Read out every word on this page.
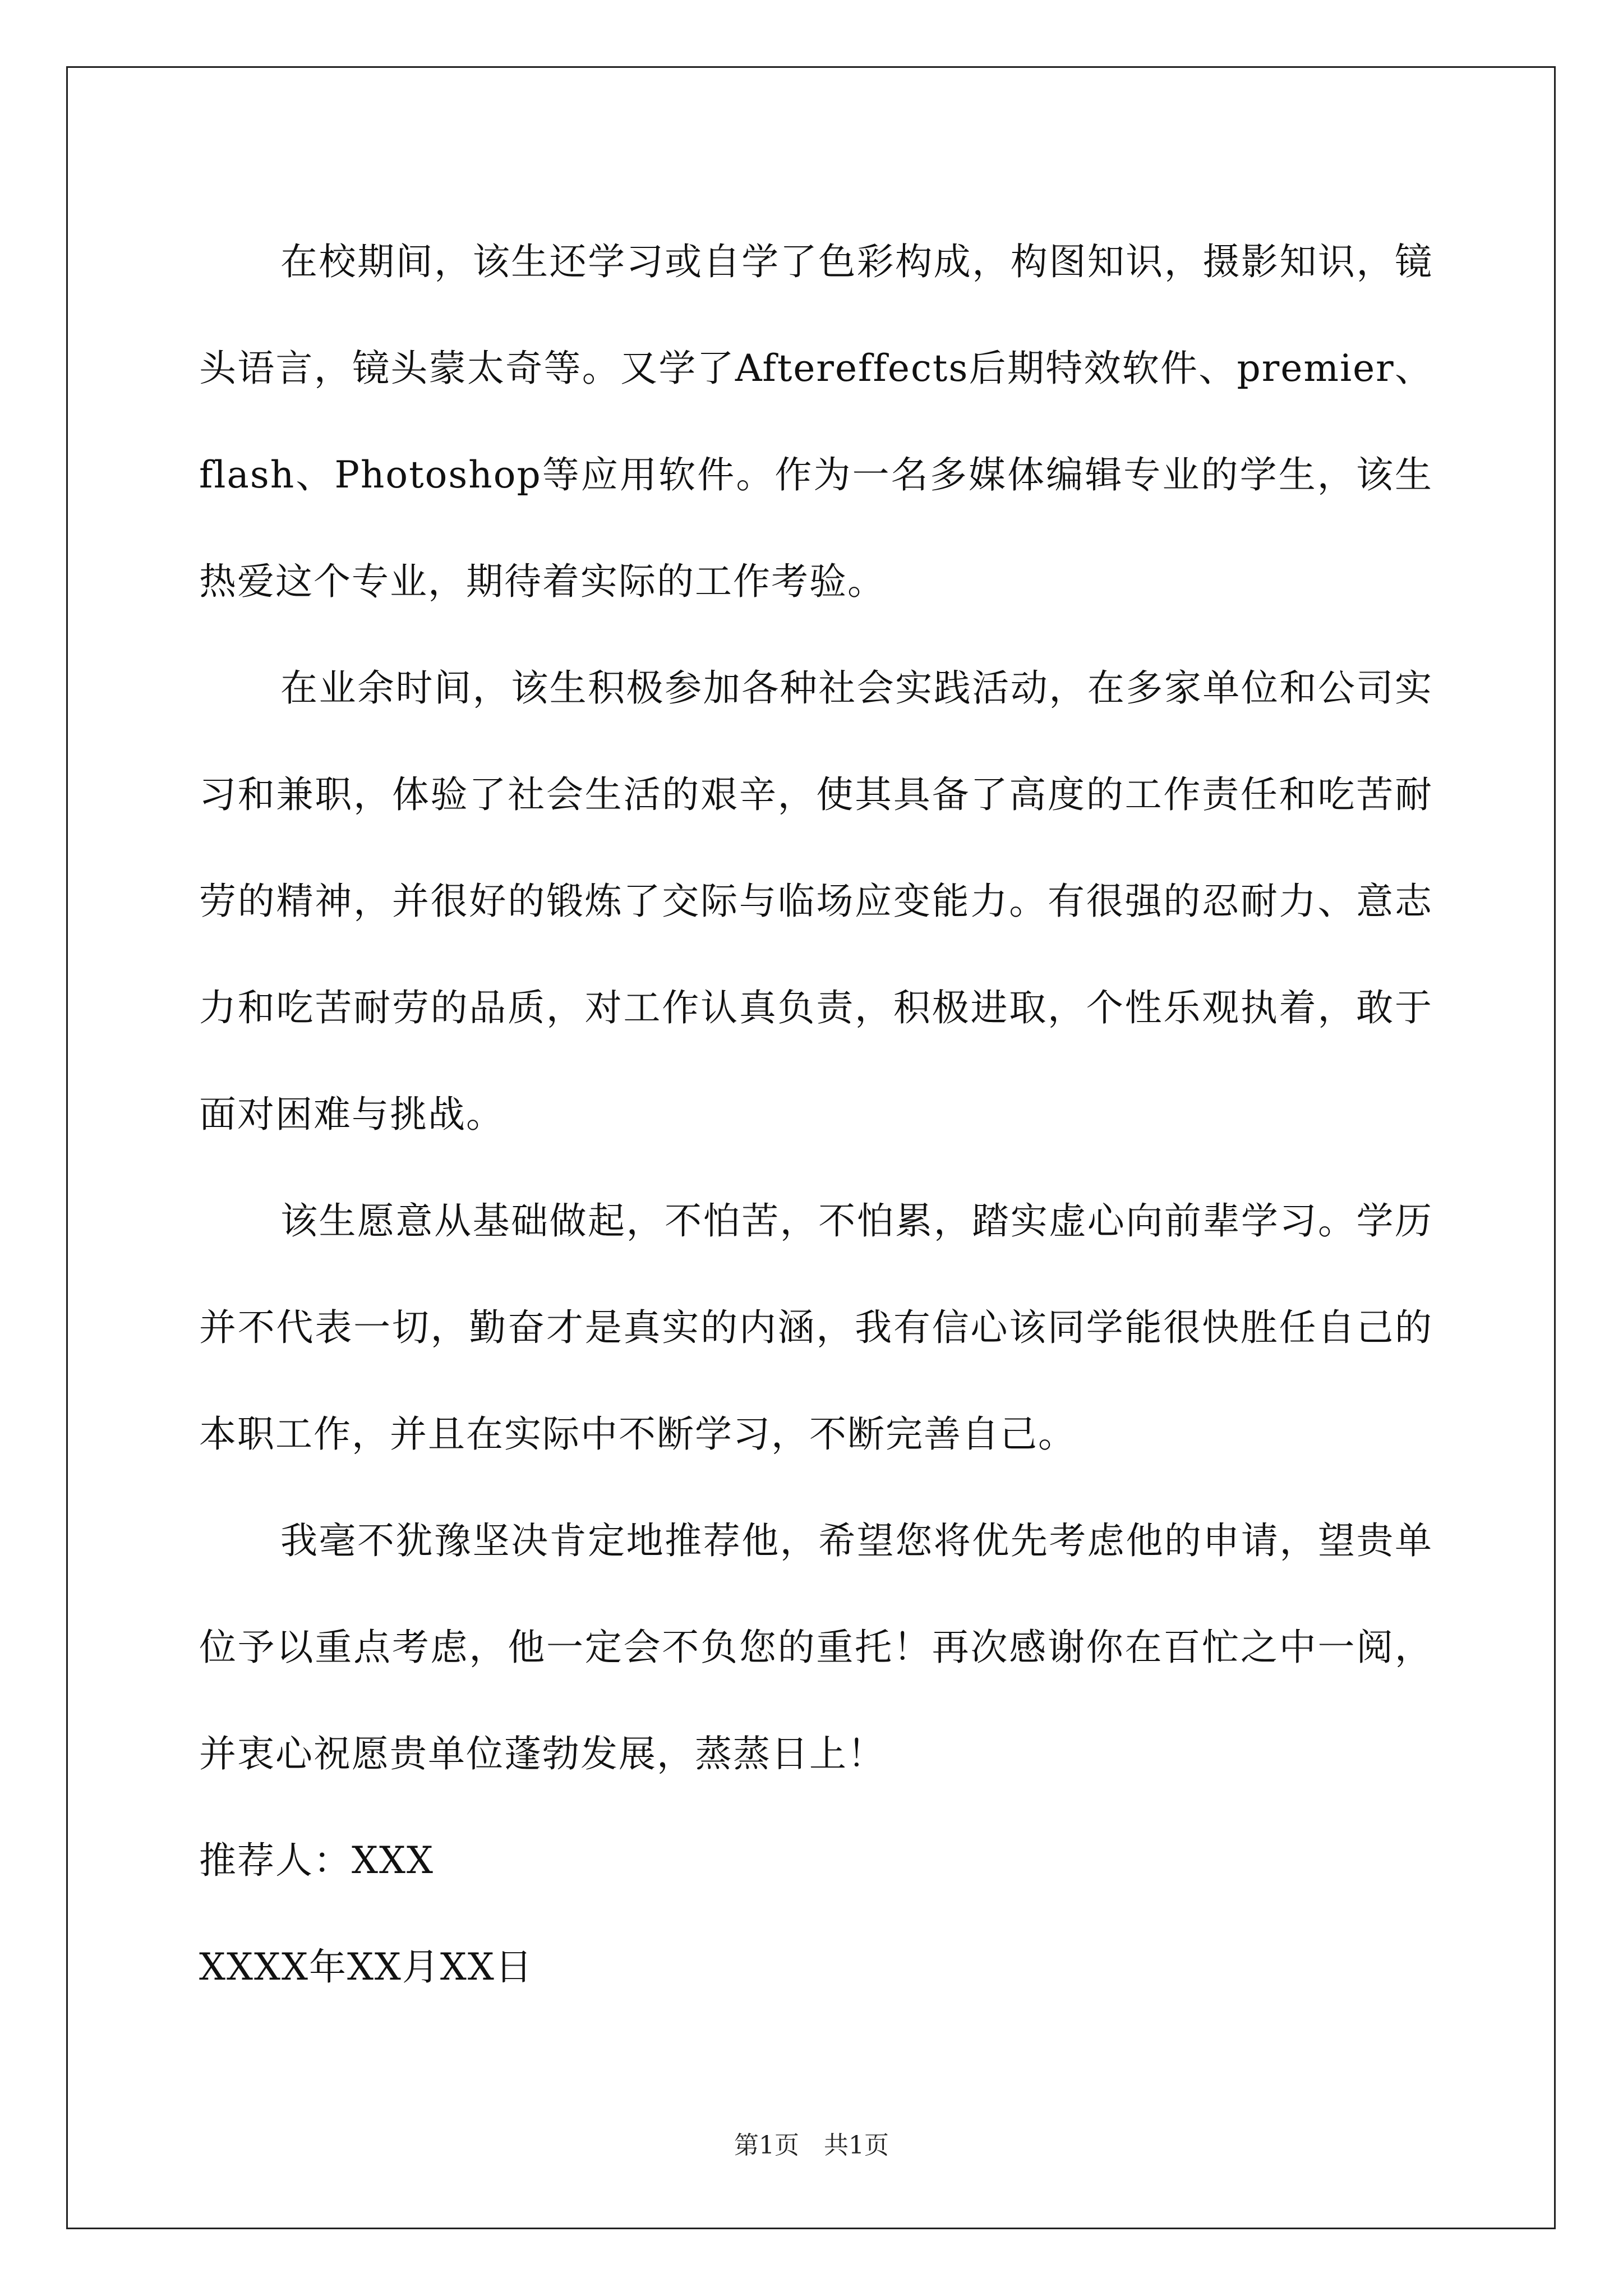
在校期间，该生还学习或自学了色彩构成，构图知识，摄影知识，镜头语言，镜头蒙太奇等。又学了Aftereffects后期特效软件、premier、flash、Photoshop等应用软件。作为一名多媒体编辑专业的学生，该生热爱这个专业，期待着实际的工作考验。

在业余时间，该生积极参加各种社会实践活动，在多家单位和公司实习和兼职，体验了社会生活的艰辛，使其具备了高度的工作责任和吃苦耐劳的精神，并很好的锻炼了交际与临场应变能力。有很强的忍耐力、意志力和吃苦耐劳的品质，对工作认真负责，积极进取，个性乐观执着，敢于面对困难与挑战。

该生愿意从基础做起，不怕苦，不怕累，踏实虚心向前辈学习。学历并不代表一切，勤奋才是真实的内涵，我有信心该同学能很快胜任自己的本职工作，并且在实际中不断学习，不断完善自己。

我毫不犹豫坚决肯定地推荐他，希望您将优先考虑他的申请，望贵单位予以重点考虑，他一定会不负您的重托！再次感谢你在百忙之中一阅，并衷心祝愿贵单位蓬勃发展，蒸蒸日上！

推荐人：XXX

XXXX年XX月XX日

第1页　共1页
